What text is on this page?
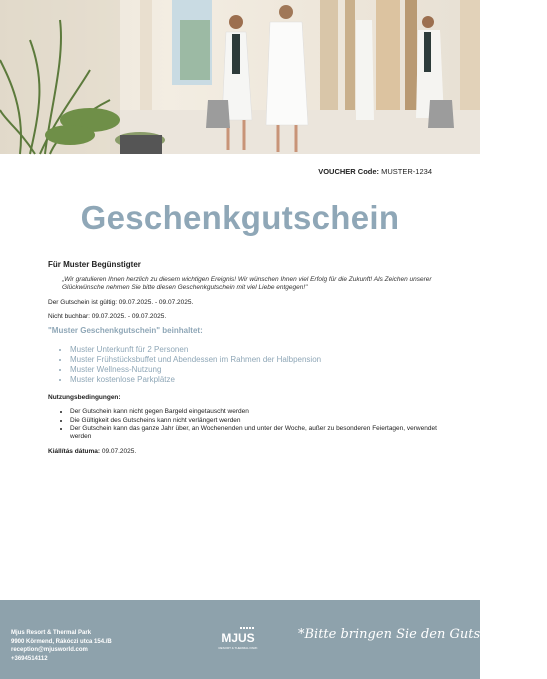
VOUCHER Code: MUSTER-1234
Geschenkgutschein
Für Muster Begünstigter
„Wir gratulieren Ihnen herzlich zu diesem wichtigen Ereignis! Wir wünschen Ihnen viel Erfolg für die Zukunft! Als Zeichen unserer Glückwünsche nehmen Sie bitte diesen Geschenkgutschein mit viel Liebe entgegen!"
Der Gutschein ist gültig: 09.07.2025. - 09.07.2025.
Nicht buchbar: 09.07.2025. - 09.07.2025.
"Muster Geschenkgutschein" beinhaltet:
• Muster Unterkunft für 2 Personen
• Muster Frühstücksbuffet und Abendessen im Rahmen der Halbpension
• Muster Wellness-Nutzung
• Muster kostenlose Parkplätze
Nutzungsbedingungen:
• Der Gutschein kann nicht gegen Bargeld eingetauscht werden
• Die Gültigkeit des Gutscheins kann nicht verlängert werden
• Der Gutschein kann das ganze Jahr über, an Wochenenden und unter der Woche, außer zu besonderen Feiertagen, verwendet werden
Kiállítás dátuma: 09.07.2025.
Mjus Resort & Thermal Park
9900 Körmend, Rákóczi utca 154./B
reception@mjusworld.com
+3694514112
*Bitte bringen Sie den Gutschein mit!
MJUS
RESORT & THERMAL PARK
